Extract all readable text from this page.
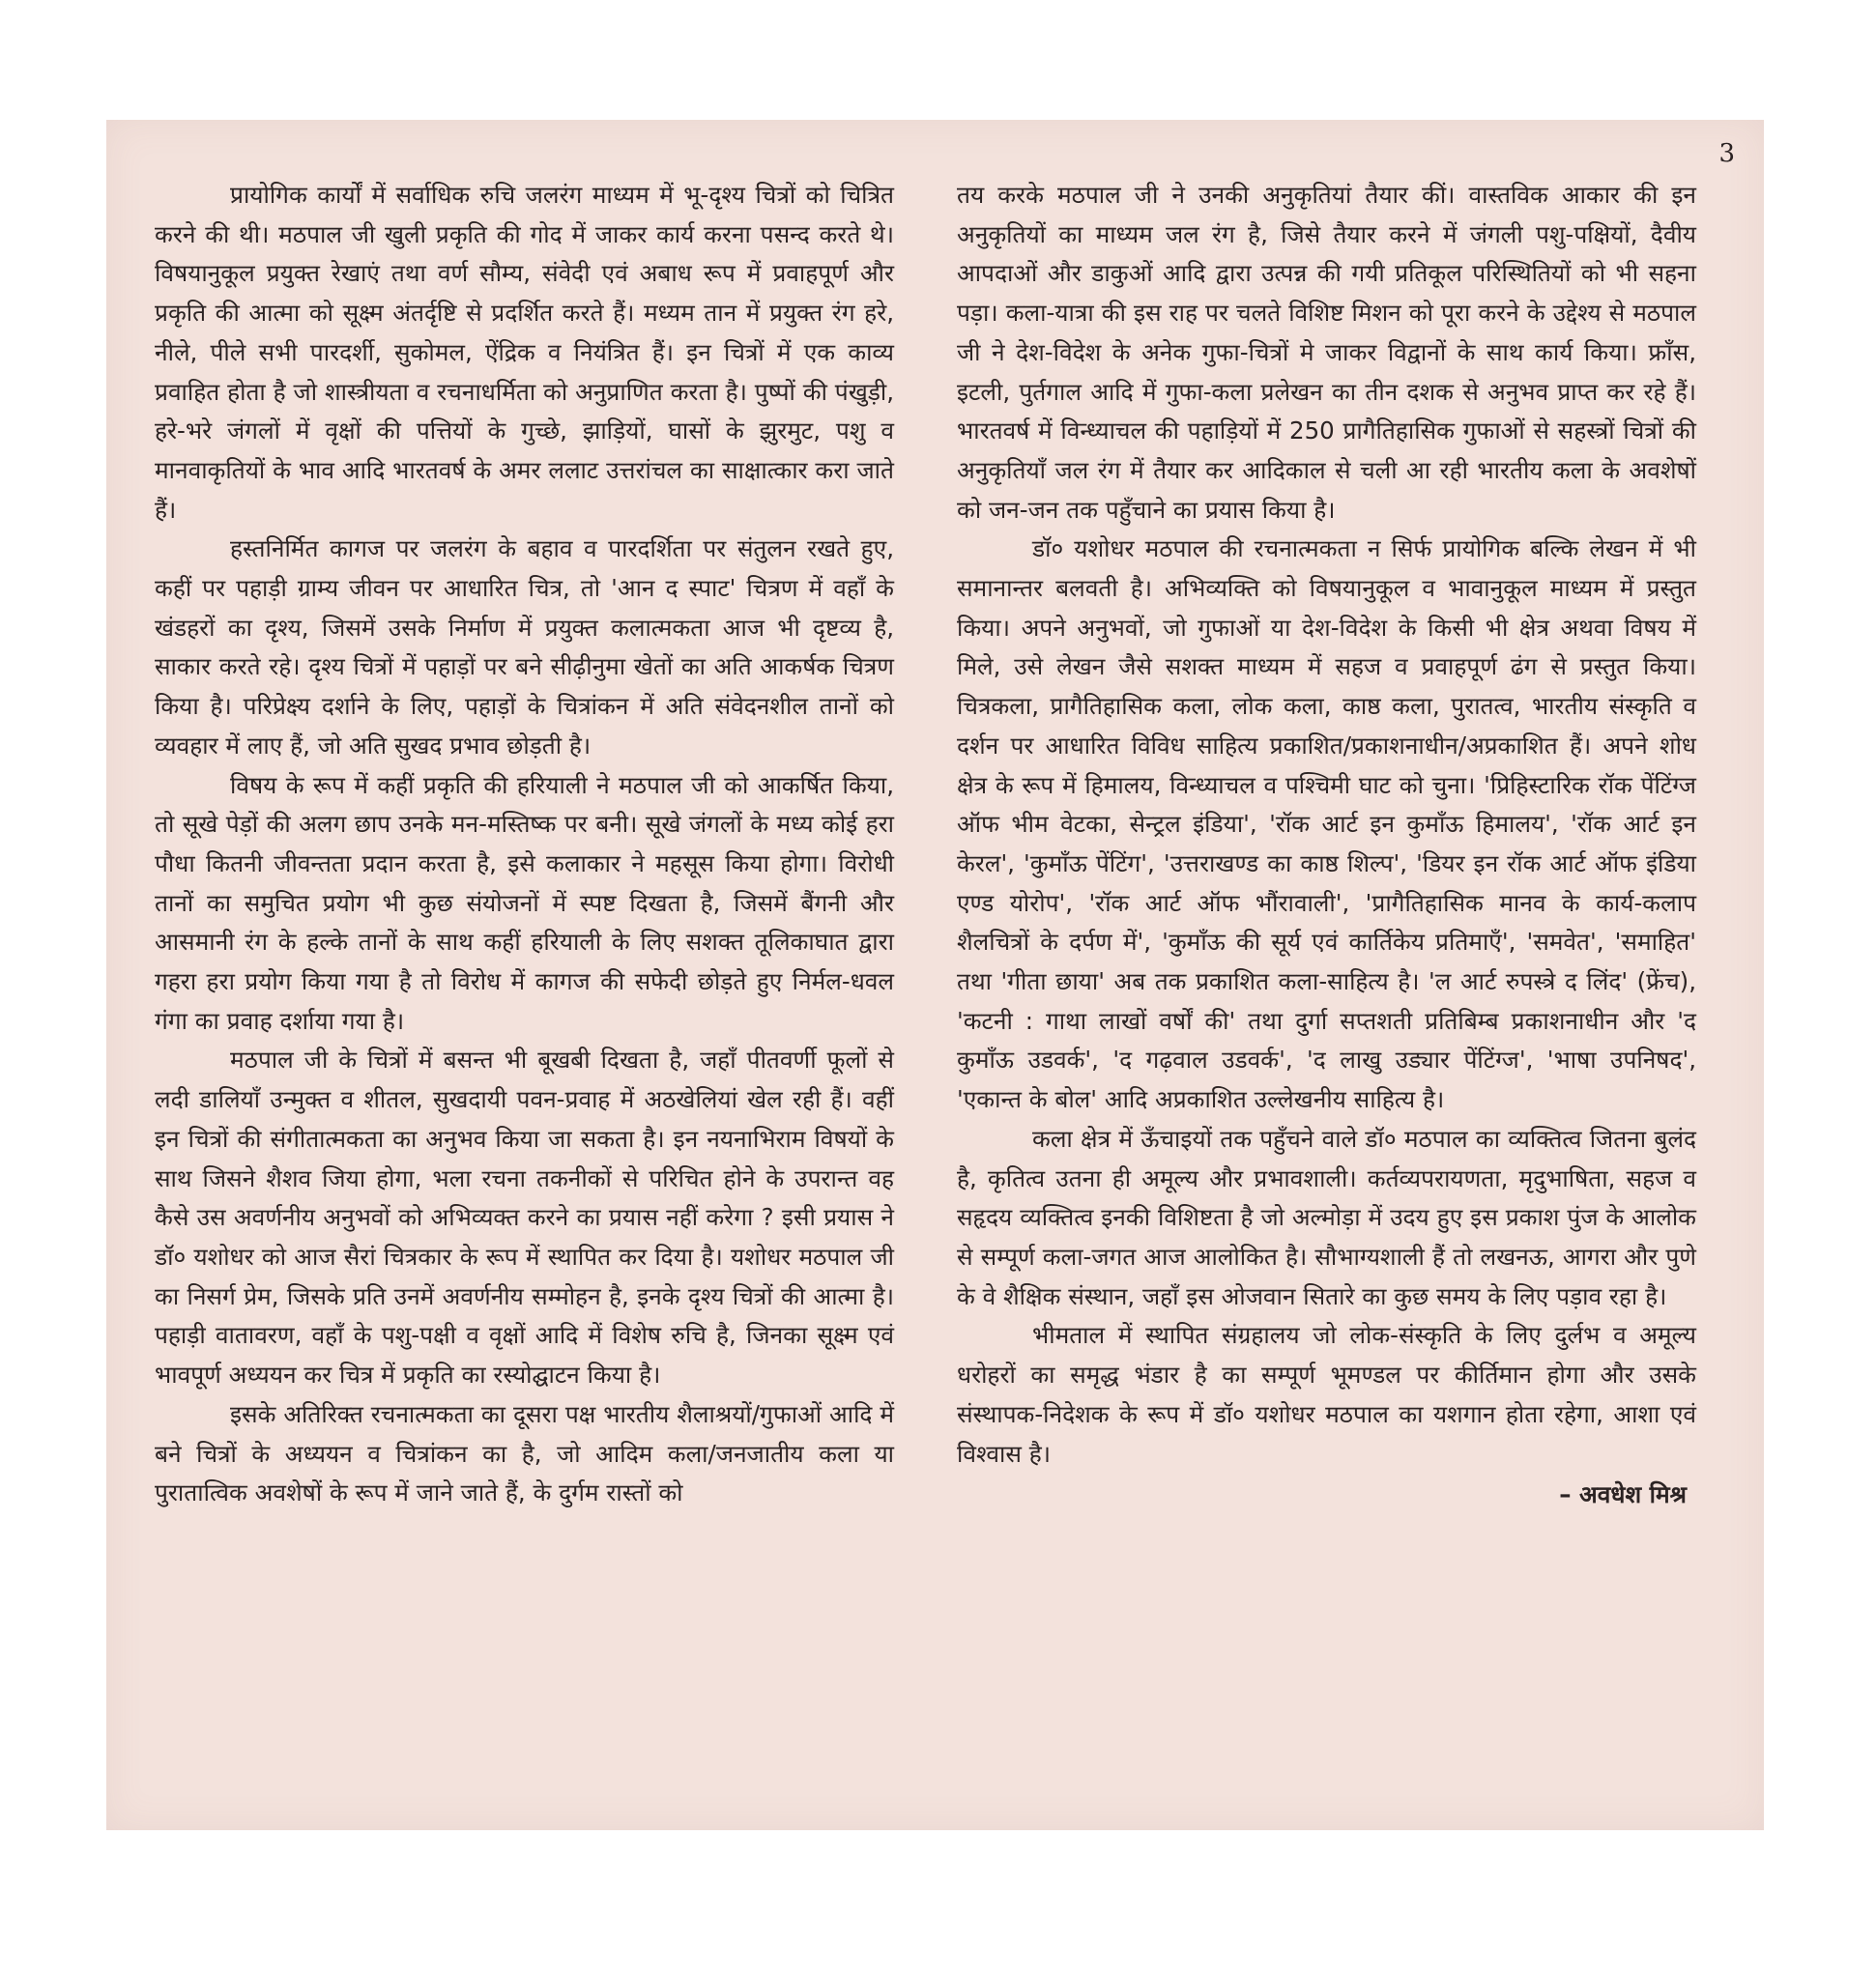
3

प्रायोगिक कार्यों में सर्वाधिक रुचि जलरंग माध्यम में भू-दृश्य चित्रों को चित्रित करने की थी। मठपाल जी खुली प्रकृति की गोद में जाकर कार्य करना पसन्द करते थे। विषयानुकूल प्रयुक्त रेखाएं तथा वर्ण सौम्य, संवेदी एवं अबाध रूप में प्रवाहपूर्ण और प्रकृति की आत्मा को सूक्ष्म अंतर्दृष्टि से प्रदर्शित करते हैं। मध्यम तान में प्रयुक्त रंग हरे, नीले, पीले सभी पारदर्शी, सुकोमल, ऐंद्रिक व नियंत्रित हैं। इन चित्रों में एक काव्य प्रवाहित होता है जो शास्त्रीयता व रचनाधर्मिता को अनुप्राणित करता है। पुष्पों की पंखुड़ी, हरे-भरे जंगलों में वृक्षों की पत्तियों के गुच्छे, झाड़ियों, घासों के झुरमुट, पशु व मानवाकृतियों के भाव आदि भारतवर्ष के अमर ललाट उत्तरांचल का साक्षात्कार करा जाते हैं।

हस्तनिर्मित कागज पर जलरंग के बहाव व पारदर्शिता पर संतुलन रखते हुए, कहीं पर पहाड़ी ग्राम्य जीवन पर आधारित चित्र, तो 'आन द स्पाट' चित्रण में वहाँ के खंडहरों का दृश्य, जिसमें उसके निर्माण में प्रयुक्त कलात्मकता आज भी दृष्टव्य है, साकार करते रहे। दृश्य चित्रों में पहाड़ों पर बने सीढ़ीनुमा खेतों का अति आकर्षक चित्रण किया है। परिप्रेक्ष्य दर्शाने के लिए, पहाड़ों के चित्रांकन में अति संवेदनशील तानों को व्यवहार में लाए हैं, जो अति सुखद प्रभाव छोड़ती है।

विषय के रूप में कहीं प्रकृति की हरियाली ने मठपाल जी को आकर्षित किया, तो सूखे पेड़ों की अलग छाप उनके मन-मस्तिष्क पर बनी। सूखे जंगलों के मध्य कोई हरा पौधा कितनी जीवन्तता प्रदान करता है, इसे कलाकार ने महसूस किया होगा। विरोधी तानों का समुचित प्रयोग भी कुछ संयोजनों में स्पष्ट दिखता है, जिसमें बैंगनी और आसमानी रंग के हल्के तानों के साथ कहीं हरियाली के लिए सशक्त तूलिकाघात द्वारा गहरा हरा प्रयोग किया गया है तो विरोध में कागज की सफेदी छोड़ते हुए निर्मल-धवल गंगा का प्रवाह दर्शाया गया है।

मठपाल जी के चित्रों में बसन्त भी बूखबी दिखता है, जहाँ पीतवर्णी फूलों से लदी डालियाँ उन्मुक्त व शीतल, सुखदायी पवन-प्रवाह में अठखेलियां खेल रही हैं। वहीं इन चित्रों की संगीतात्मकता का अनुभव किया जा सकता है। इन नयनाभिराम विषयों के साथ जिसने शैशव जिया होगा, भला रचना तकनीकों से परिचित होने के उपरान्त वह कैसे उस अवर्णनीय अनुभवों को अभिव्यक्त करने का प्रयास नहीं करेगा ? इसी प्रयास ने डॉ० यशोधर को आज सैरां चित्रकार के रूप में स्थापित कर दिया है। यशोधर मठपाल जी का निसर्ग प्रेम, जिसके प्रति उनमें अवर्णनीय सम्मोहन है, इनके दृश्य चित्रों की आत्मा है। पहाड़ी वातावरण, वहाँ के पशु-पक्षी व वृक्षों आदि में विशेष रुचि है, जिनका सूक्ष्म एवं भावपूर्ण अध्ययन कर चित्र में प्रकृति का रस्योद्घाटन किया है।

इसके अतिरिक्त रचनात्मकता का दूसरा पक्ष भारतीय शैलाश्रयों/गुफाओं आदि में बने चित्रों के अध्ययन व चित्रांकन का है, जो आदिम कला/जनजातीय कला या पुरातात्विक अवशेषों के रूप में जाने जाते हैं, के दुर्गम रास्तों को

तय करके मठपाल जी ने उनकी अनुकृतियां तैयार कीं। वास्तविक आकार की इन अनुकृतियों का माध्यम जल रंग है, जिसे तैयार करने में जंगली पशु-पक्षियों, दैवीय आपदाओं और डाकुओं आदि द्वारा उत्पन्न की गयी प्रतिकूल परिस्थितियों को भी सहना पड़ा। कला-यात्रा की इस राह पर चलते विशिष्ट मिशन को पूरा करने के उद्देश्य से मठपाल जी ने देश-विदेश के अनेक गुफा-चित्रों मे जाकर विद्वानों के साथ कार्य किया। फ्राँस, इटली, पुर्तगाल आदि में गुफा-कला प्रलेखन का तीन दशक से अनुभव प्राप्त कर रहे हैं। भारतवर्ष में विन्ध्याचल की पहाड़ियों में 250 प्रागैतिहासिक गुफाओं से सहस्त्रों चित्रों की अनुकृतियाँ जल रंग में तैयार कर आदिकाल से चली आ रही भारतीय कला के अवशेषों को जन-जन तक पहुँचाने का प्रयास किया है।

डॉ० यशोधर मठपाल की रचनात्मकता न सिर्फ प्रायोगिक बल्कि लेखन में भी समानान्तर बलवती है। अभिव्यक्ति को विषयानुकूल व भावानुकूल माध्यम में प्रस्तुत किया। अपने अनुभवों, जो गुफाओं या देश-विदेश के किसी भी क्षेत्र अथवा विषय में मिले, उसे लेखन जैसे सशक्त माध्यम में सहज व प्रवाहपूर्ण ढंग से प्रस्तुत किया। चित्रकला, प्रागैतिहासिक कला, लोक कला, काष्ठ कला, पुरातत्व, भारतीय संस्कृति व दर्शन पर आधारित विविध साहित्य प्रकाशित/प्रकाशनाधीन/अप्रकाशित हैं। अपने शोध क्षेत्र के रूप में हिमालय, विन्ध्याचल व पश्चिमी घाट को चुना। 'प्रिहिस्टारिक रॉक पेंटिंग्ज ऑफ भीम वेटका, सेन्ट्रल इंडिया', 'रॉक आर्ट इन कुमाँऊ हिमालय', 'रॉक आर्ट इन केरल', 'कुमाँऊ पेंटिंग', 'उत्तराखण्ड का काष्ठ शिल्प', 'डियर इन रॉक आर्ट ऑफ इंडिया एण्ड योरोप', 'रॉक आर्ट ऑफ भौंरावाली', 'प्रागैतिहासिक मानव के कार्य-कलाप शैलचित्रों के दर्पण में', 'कुमाँऊ की सूर्य एवं कार्तिकेय प्रतिमाएँ', 'समवेत', 'समाहित' तथा 'गीता छाया' अब तक प्रकाशित कला-साहित्य है। 'ल आर्ट रुपस्त्रे द लिंद' (फ्रेंच), 'कटनी : गाथा लाखों वर्षों की' तथा दुर्गा सप्तशती प्रतिबिम्ब प्रकाशनाधीन और 'द कुमाँऊ उडवर्क', 'द गढ़वाल उडवर्क', 'द लाखु उड्यार पेंटिंग्ज', 'भाषा उपनिषद', 'एकान्त के बोल' आदि अप्रकाशित उल्लेखनीय साहित्य है।

कला क्षेत्र में ऊँचाइयों तक पहुँचने वाले डॉ० मठपाल का व्यक्तित्व जितना बुलंद है, कृतित्व उतना ही अमूल्य और प्रभावशाली। कर्तव्यपरायणता, मृदुभाषिता, सहज व सहृदय व्यक्तित्व इनकी विशिष्टता है जो अल्मोड़ा में उदय हुए इस प्रकाश पुंज के आलोक से सम्पूर्ण कला-जगत आज आलोकित है। सौभाग्यशाली हैं तो लखनऊ, आगरा और पुणे के वे शैक्षिक संस्थान, जहाँ इस ओजवान सितारे का कुछ समय के लिए पड़ाव रहा है।

भीमताल में स्थापित संग्रहालय जो लोक-संस्कृति के लिए दुर्लभ व अमूल्य धरोहरों का समृद्ध भंडार है का सम्पूर्ण भूमण्डल पर कीर्तिमान होगा और उसके संस्थापक-निदेशक के रूप में डॉ० यशोधर मठपाल का यशगान होता रहेगा, आशा एवं विश्वास है।

– अवधेश मिश्र
